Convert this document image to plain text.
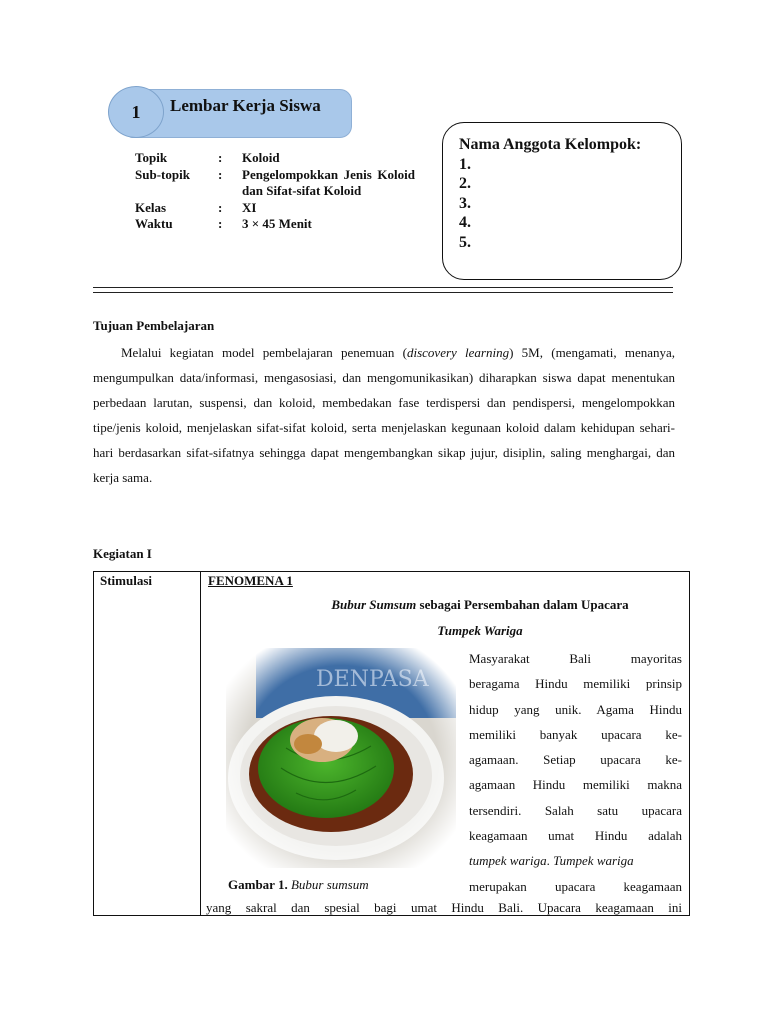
1 Lembar Kerja Siswa
Topik	:	Koloid
Sub-topik	:	Pengelompokkan Jenis Koloid dan Sifat-sifat Koloid
Kelas	:	XI
Waktu	:	3 × 45 Menit
Nama Anggota Kelompok:
1.
2.
3.
4.
5.
Tujuan Pembelajaran
Melalui kegiatan model pembelajaran penemuan (discovery learning) 5M, (mengamati, menanya, mengumpulkan data/informasi, mengasosiasi, dan mengomunikasikan) diharapkan siswa dapat menentukan perbedaan larutan, suspensi, dan koloid, membedakan fase terdispersi dan pendispersi, mengelompokkan tipe/jenis koloid, menjelaskan sifat-sifat koloid, serta menjelaskan kegunaan koloid dalam kehidupan sehari-hari berdasarkan sifat-sifatnya sehingga dapat mengembangkan sikap jujur, disiplin, saling menghargai, dan kerja sama.
Kegiatan I
Stimulasi	FENOMENA 1
Bubur Sumsum sebagai Persembahan dalam Upacara
Tumpek Wariga
Gambar 1. Bubur sumsum
Masyarakat Bali mayoritas
beragama Hindu memiliki prinsip
hidup yang unik. Agama Hindu
memiliki banyak upacara ke-
agamaan. Setiap upacara ke-
agamaan Hindu memiliki makna
tersendiri. Salah satu upacara
keagamaan umat Hindu adalah
tumpek wariga. Tumpek wariga
merupakan upacara keagamaan
yang sakral dan spesial bagi umat Hindu Bali. Upacara keagamaan ini
